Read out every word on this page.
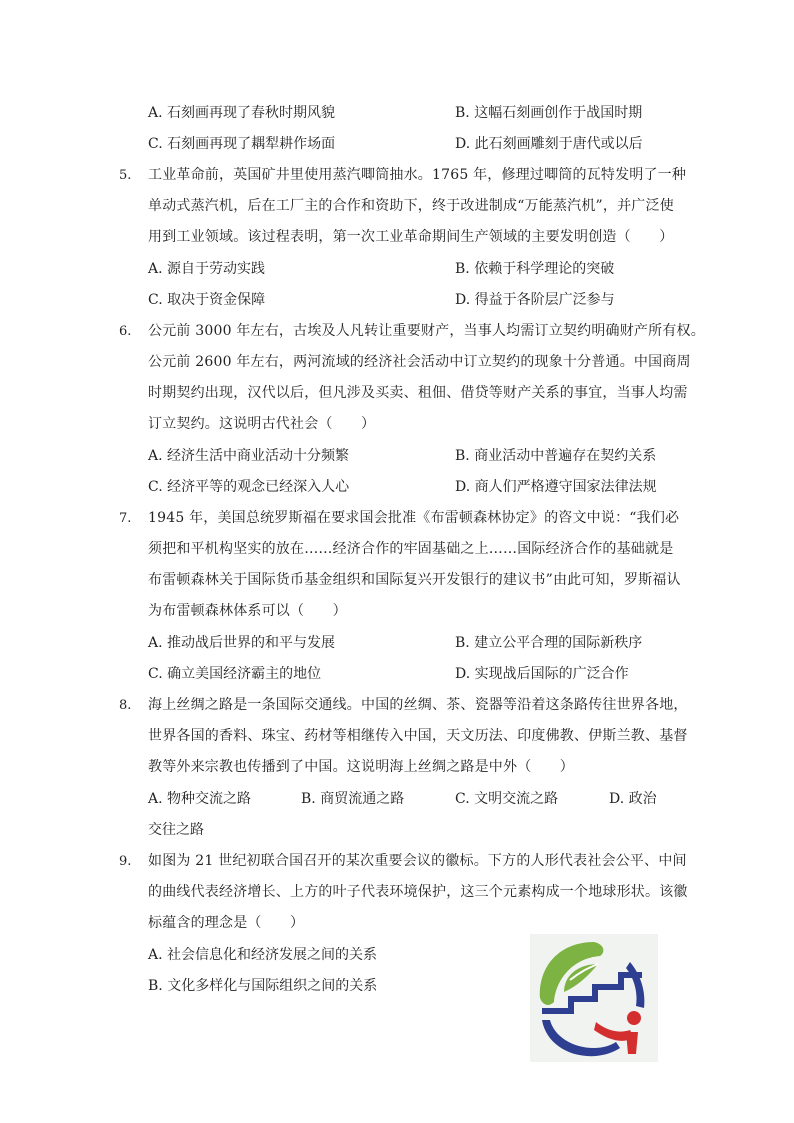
A. 石刻画再现了春秋时期风貌	B. 这幅石刻画创作于战国时期
C. 石刻画再现了耦犁耕作场面	D. 此石刻画雕刻于唐代或以后
5. 工业革命前，英国矿井里使用蒸汽唧筒抽水。1765 年，修理过唧筒的瓦特发明了一种
单动式蒸汽机，后在工厂主的合作和资助下，终于改进制成“万能蒸汽机”，并广泛使
用到工业领域。该过程表明，第一次工业革命期间生产领域的主要发明创造（　　）
A. 源自于劳动实践	B. 依赖于科学理论的突破
C. 取决于资金保障	D. 得益于各阶层广泛参与
6. 公元前 3000 年左右，古埃及人凡转让重要财产，当事人均需订立契约明确财产所有权。
公元前 2600 年左右，两河流域的经济社会活动中订立契约的现象十分普通。中国商周
时期契约出现，汉代以后，但凡涉及买卖、租佃、借贷等财产关系的事宜，当事人均需
订立契约。这说明古代社会（　　）
A. 经济生活中商业活动十分频繁	B. 商业活动中普遍存在契约关系
C. 经济平等的观念已经深入人心	D. 商人们严格遵守国家法律法规
7. 1945 年，美国总统罗斯福在要求国会批准《布雷顿森林协定》的咨文中说：“我们必
须把和平机构坚实的放在……经济合作的牢固基础之上……国际经济合作的基础就是
布雷顿森林关于国际货币基金组织和国际复兴开发银行的建议书”由此可知，罗斯福认
为布雷顿森林体系可以（　　）
A. 推动战后世界的和平与发展	B. 建立公平合理的国际新秩序
C. 确立美国经济霸主的地位	D. 实现战后国际的广泛合作
8. 海上丝绸之路是一条国际交通线。中国的丝绸、茶、瓷器等沿着这条路传往世界各地，
世界各国的香料、珠宝、药材等相继传入中国，天文历法、印度佛教、伊斯兰教、基督
教等外来宗教也传播到了中国。这说明海上丝绸之路是中外（　　）
A. 物种交流之路	B. 商贸流通之路	C. 文明交流之路	D. 政治
交往之路
9. 如图为 21 世纪初联合国召开的某次重要会议的徽标。下方的人形代表社会公平、中间
的曲线代表经济增长、上方的叶子代表环境保护，这三个元素构成一个地球形状。该徽
标蕴含的理念是（　　）
A. 社会信息化和经济发展之间的关系
B. 文化多样化与国际组织之间的关系
